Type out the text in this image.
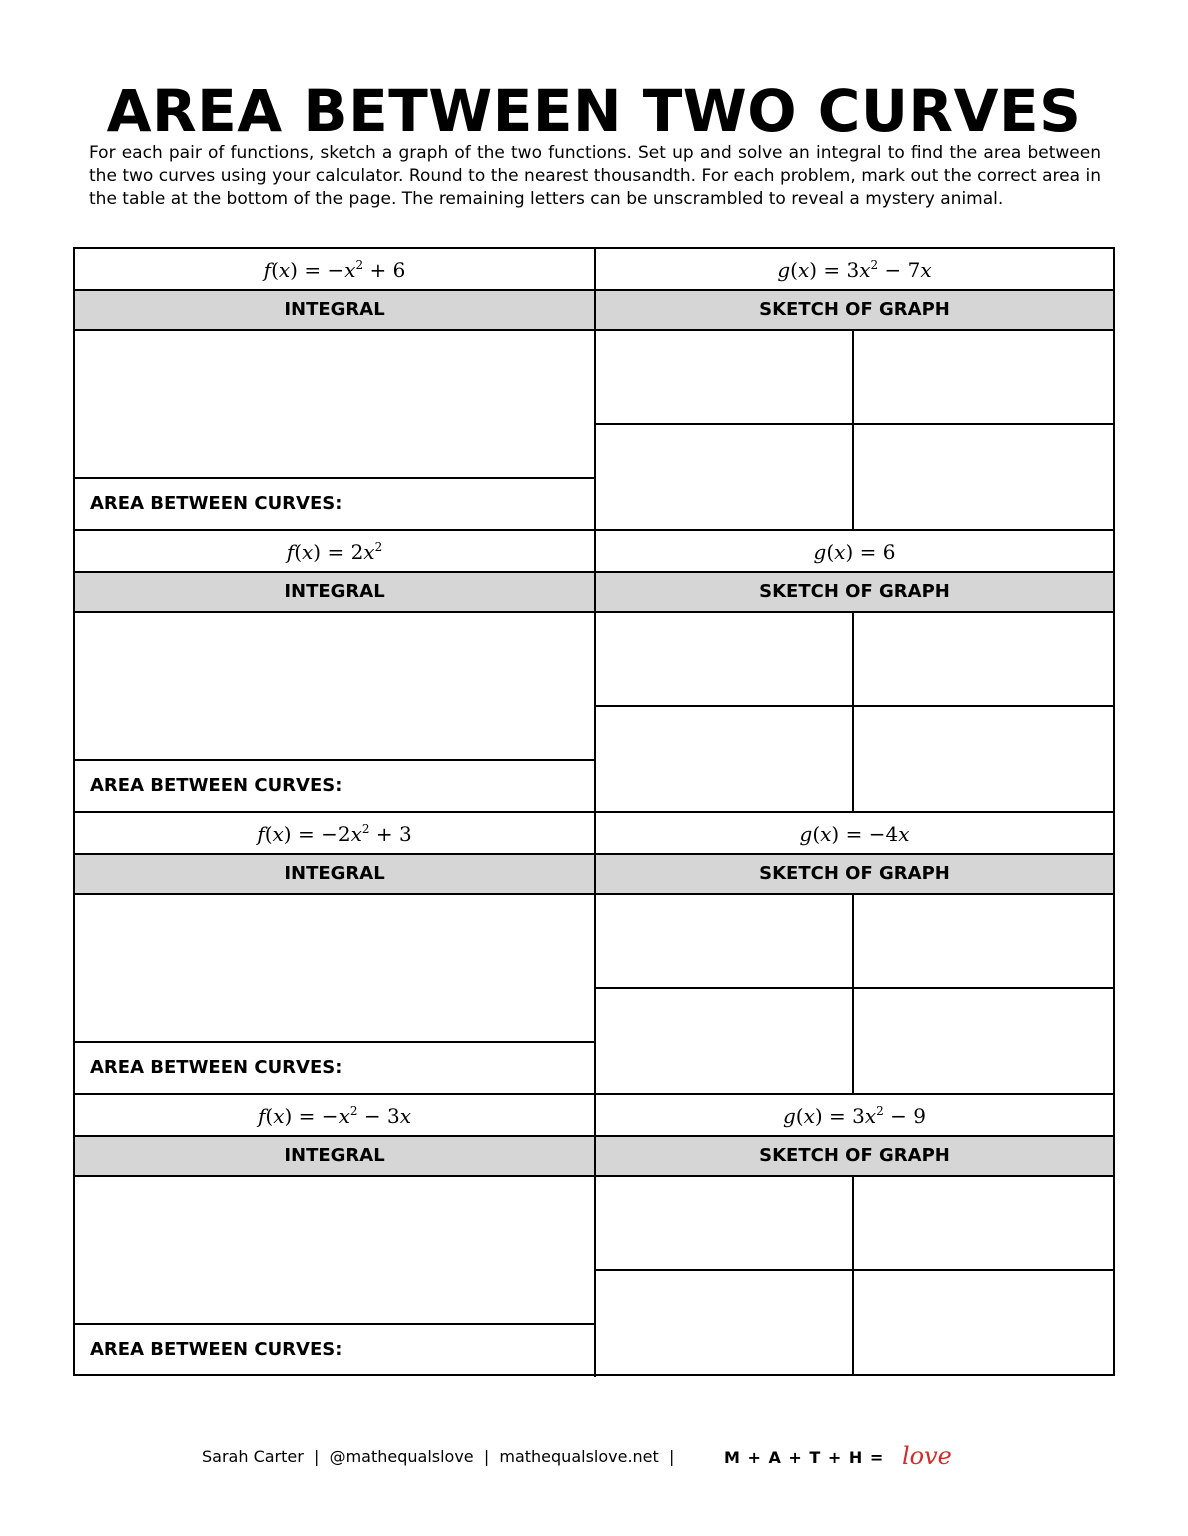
AREA BETWEEN TWO CURVES

For each pair of functions, sketch a graph of the two functions. Set up and solve an integral to find the area between the two curves using your calculator. Round to the nearest thousandth. For each problem, mark out the correct area in the table at the bottom of the page. The remaining letters can be unscrambled to reveal a mystery animal.

$f(x) = -x^2 + 6$	$g(x) = 3x^2 - 7x$
INTEGRAL	SKETCH OF GRAPH
AREA BETWEEN CURVES:
$f(x) = 2x^2$	g(x) = 6
INTEGRAL	SKETCH OF GRAPH
AREA BETWEEN CURVES:
$f(x) = -2x^2 + 3$	g(x) = −4x
INTEGRAL	SKETCH OF GRAPH
AREA BETWEEN CURVES:
$f(x) = -x^2 - 3x$	$g(x) = 3x^2 - 9$
INTEGRAL	SKETCH OF GRAPH
AREA BETWEEN CURVES:
Sarah Carter  |  @mathequalslove  |  mathequalslove.net  |	M + A + T + H = love
